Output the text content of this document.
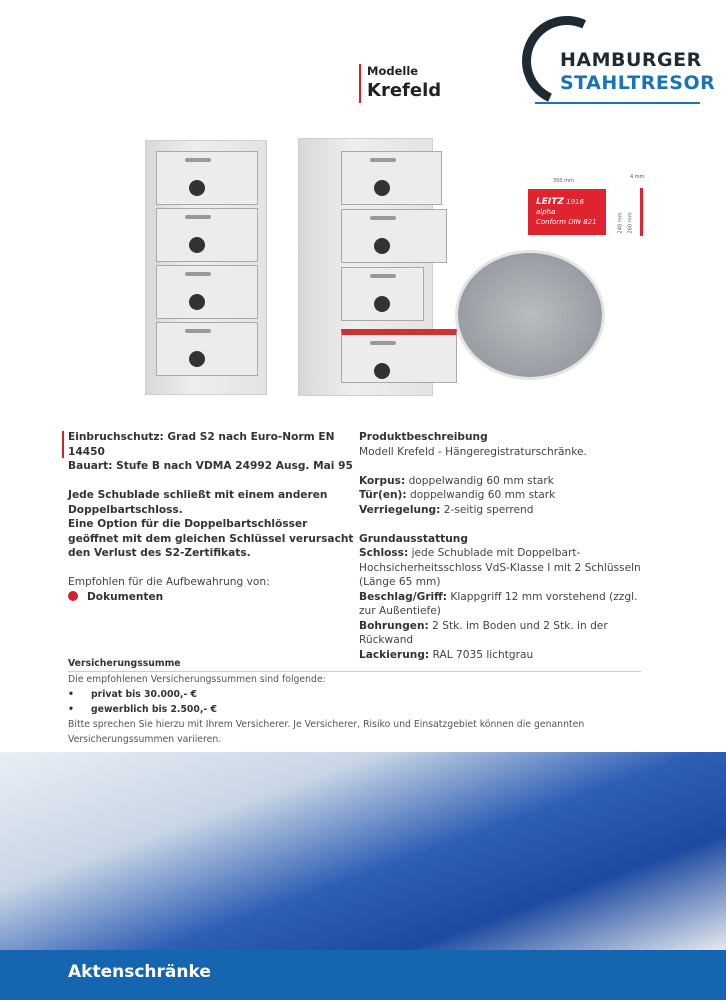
Modelle
Krefeld
HAMBURGER
STAHLTRESOR
LEITZ 1916 alpha
Conform DIN 821
350 mm
240 mm 260 mm
4 mm
Einbruchschutz: Grad S2 nach Euro-Norm EN 14450
Bauart: Stufe B nach VDMA 24992 Ausg. Mai 95
Jede Schublade schließt mit einem anderen Doppelbartschloss.
Eine Option für die Doppelbartschlösser geöffnet mit dem gleichen Schlüssel verursacht den Verlust des S2-Zertifikats.
Empfohlen für die Aufbewahrung von:
Dokumenten
Produktbeschreibung
Modell Krefeld - Hängeregistraturschränke.
Korpus: doppelwandig 60 mm stark
Tür(en): doppelwandig 60 mm stark
Verriegelung: 2-seitig sperrend
Grundausstattung
Schloss: jede Schublade mit Doppelbart-Hochsicherheitsschloss VdS-Klasse I mit 2 Schlüsseln (Länge 65 mm)
Beschlag/Griff: Klappgriff 12 mm vorstehend (zzgl. zur Außentiefe)
Bohrungen: 2 Stk. im Boden und 2 Stk. in der Rückwand
Lackierung: RAL 7035 lichtgrau
Versicherungssumme
Die empfohlenen Versicherungssummen sind folgende:
• privat bis 30.000,- €
• gewerblich bis 2.500,- €
Bitte sprechen Sie hierzu mit Ihrem Versicherer. Je Versicherer, Risiko und Einsatzgebiet können die genannten Versicherungssummen variieren.
Aktenschränke
